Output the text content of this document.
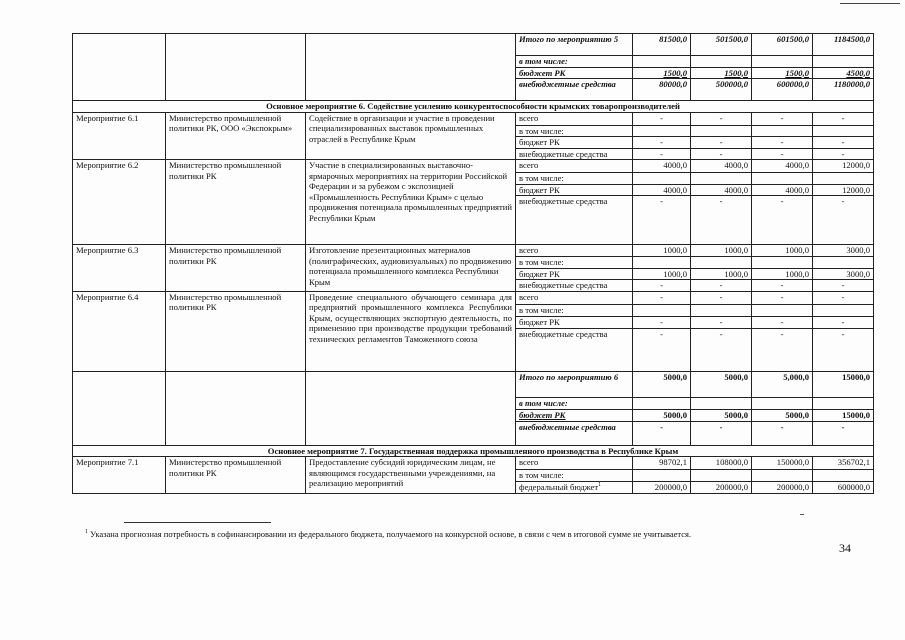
			Итого по мероприятию 5	81500,0	501500,0	601500,0	1184500,0
			в том числе:				
			бюджет РК	1500,0	1500,0	1500,0	4500,0
			внебюджетные средства	80000,0	500000,0	600000,0	1180000,0
Основное мероприятие 6. Содействие усилению конкурентоспособности крымских товаропроизводителей							
Мероприятие 6.1	Министерство промышленной политики РК, ООО «Экспокрым»	Содействие в организации и участие в проведении специализированных выставок промышленных отраслей в Республике Крым	всего	-	-	-	-
			в том числе:				
			бюджет РК	-	-	-	-
			внебюджетные средства	-	-	-	-
Мероприятие 6.2	Министерство промышленной политики РК	Участие в специализированных выставочно-ярмарочных мероприятиях на территории Российской Федерации и за рубежом с экспозицией «Промышленность Республики Крым» с целью продвижения потенциала промышленных предприятий Республики Крым	всего	4000,0	4000,0	4000,0	12000,0
			в том числе:				
			бюджет РК	4000,0	4000,0	4000,0	12000,0
			внебюджетные средства	-	-	-	-
Мероприятие 6.3	Министерство промышленной политики РК	Изготовление презентационных материалов (полиграфических, аудиовизуальных) по продвижению потенциала промышленного комплекса Республики Крым	всего	1000,0	1000,0	1000,0	3000,0
			в том числе:				
			бюджет РК	1000,0	1000,0	1000,0	3000,0
			внебюджетные средства	-	-	-	-
Мероприятие 6.4	Министерство промышленной политики РК	Проведение специального обучающего семинара для предприятий промышленного комплекса Республики Крым, осуществляющих экспортную деятельность, по применению при производстве продукции требований технических регламентов Таможенного союза	всего	-	-	-	-
			в том числе:				
			бюджет РК	-	-	-	-
			внебюджетные средства	-	-	-	-
			Итого по мероприятию 6	5000,0	5000,0	5,000,0	15000,0
			в том числе:				
			бюджет РК	5000,0	5000,0	5000,0	15000,0
			внебюджетные средства	-	-	-	-
Основное мероприятие 7. Государственная поддержка промышленного производства в Республике Крым							
Мероприятие 7.1	Министерство промышленной политики РК	Предоставление субсидий юридическим лицам, не являющимся государственными учреждениями, на реализацию мероприятий	всего	98702,1	108000,0	150000,0	356702,1
			в том числе:				
			федеральный бюджет$^1$	200000,0	200000,0	200000,0	600000,0
$^1$ Указана прогнозная потребность в софинансировании из федерального бюджета, получаемого на конкурсной основе, в связи с чем в итоговой сумме не учитывается.
34
